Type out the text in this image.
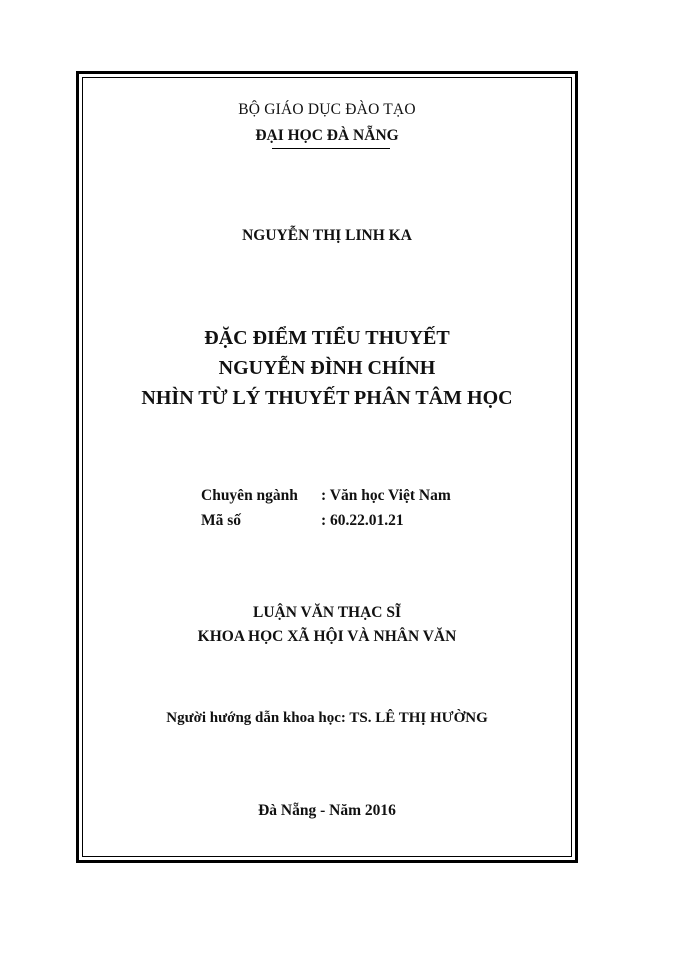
BỘ GIÁO DỤC ĐÀO TẠO
ĐẠI HỌC ĐÀ NẴNG
NGUYỄN THỊ LINH KA
ĐẶC ĐIỂM TIỂU THUYẾT
NGUYỄN ĐÌNH CHÍNH
NHÌN TỪ LÝ THUYẾT PHÂN TÂM HỌC
Chuyên ngành : Văn học Việt Nam
Mã số	: 60.22.01.21
LUẬN VĂN THẠC SĨ
KHOA HỌC XÃ HỘI VÀ NHÂN VĂN
Người hướng dẫn khoa học: TS. LÊ THỊ HƯỜNG
Đà Nẵng - Năm 2016
